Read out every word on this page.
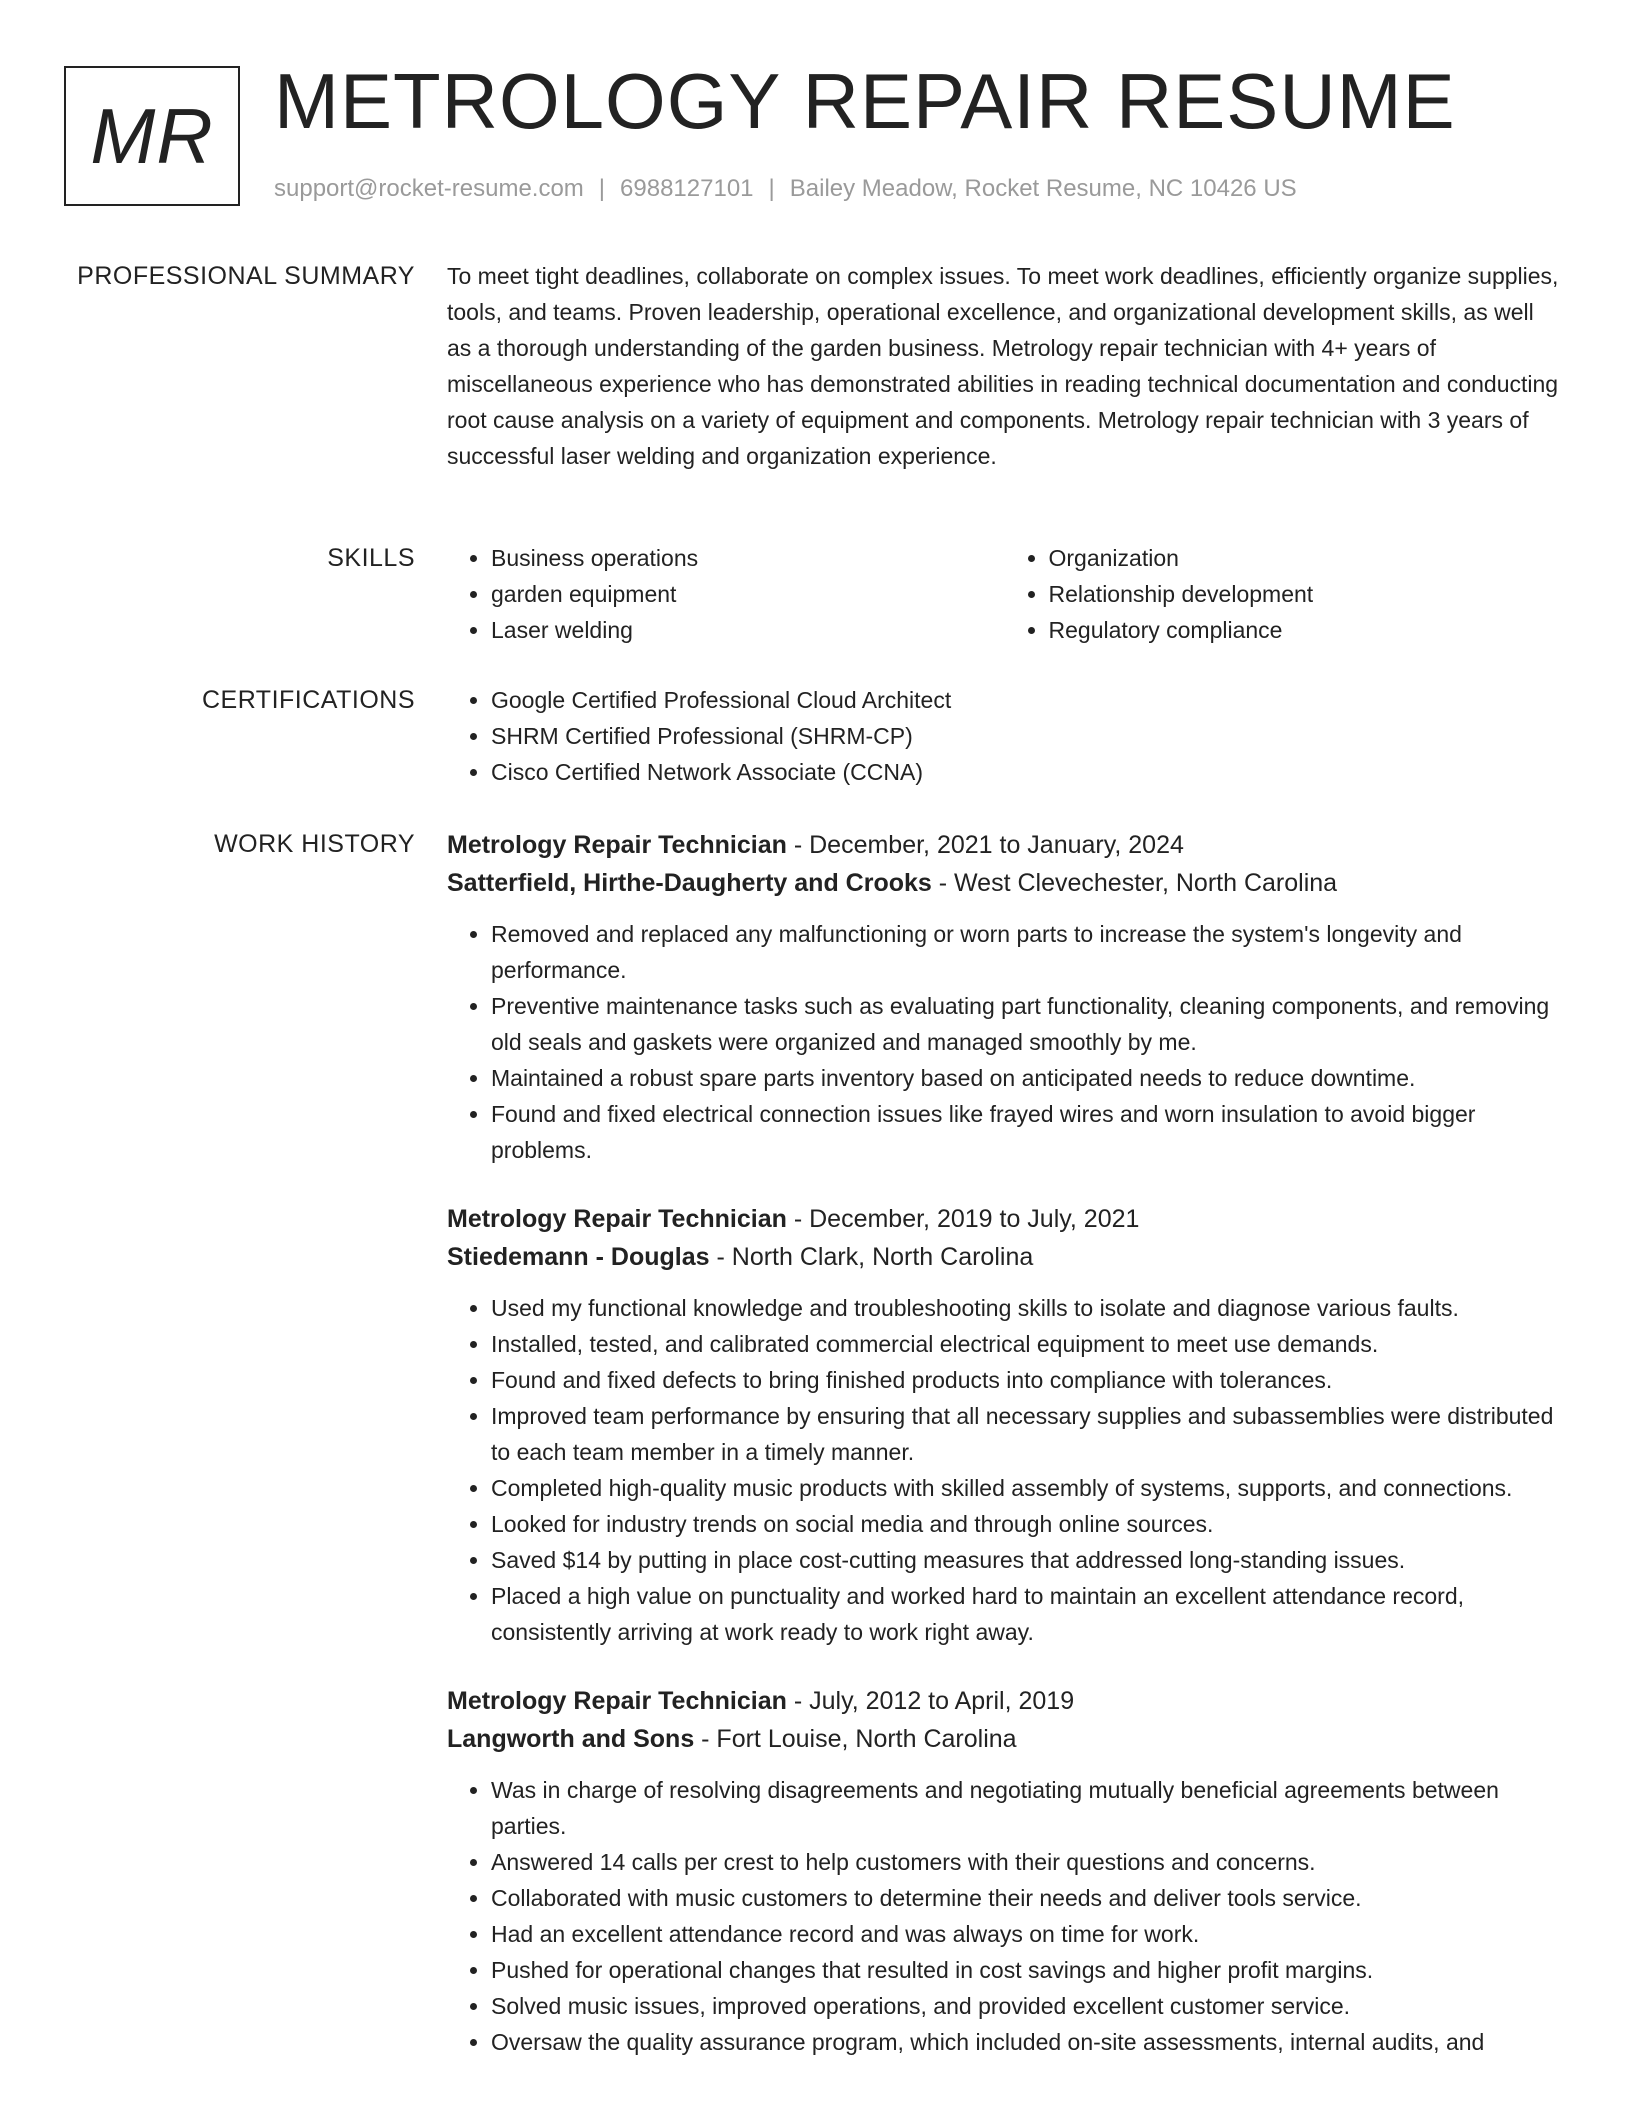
MR METROLOGY REPAIR RESUME
support@rocket-resume.com | 6988127101 | Bailey Meadow, Rocket Resume, NC 10426 US
PROFESSIONAL SUMMARY To meet tight deadlines, collaborate on complex issues. To meet work deadlines, efficiently organize supplies, tools, and teams. Proven leadership, operational excellence, and organizational development skills, as well as a thorough understanding of the garden business. Metrology repair technician with 4+ years of miscellaneous experience who has demonstrated abilities in reading technical documentation and conducting root cause analysis on a variety of equipment and components. Metrology repair technician with 3 years of successful laser welding and organization experience.
SKILLS	• Business operations
• garden equipment
• Laser welding
• Organization
• Relationship development
• Regulatory compliance
CERTIFICATIONS	• Google Certified Professional Cloud Architect
• SHRM Certified Professional (SHRM-CP)
• Cisco Certified Network Associate (CCNA)
WORK HISTORY Metrology Repair Technician - December, 2021 to January, 2024
Satterfield, Hirthe-Daugherty and Crooks - West Clevechester, North Carolina
• Removed and replaced any malfunctioning or worn parts to increase the system's longevity and performance.
• Preventive maintenance tasks such as evaluating part functionality, cleaning components, and removing old seals and gaskets were organized and managed smoothly by me.
• Maintained a robust spare parts inventory based on anticipated needs to reduce downtime.
• Found and fixed electrical connection issues like frayed wires and worn insulation to avoid bigger problems.
Metrology Repair Technician - December, 2019 to July, 2021
Stiedemann - Douglas - North Clark, North Carolina
• Used my functional knowledge and troubleshooting skills to isolate and diagnose various faults.
• Installed, tested, and calibrated commercial electrical equipment to meet use demands.
• Found and fixed defects to bring finished products into compliance with tolerances.
• Improved team performance by ensuring that all necessary supplies and subassemblies were distributed to each team member in a timely manner.
• Completed high-quality music products with skilled assembly of systems, supports, and connections.
• Looked for industry trends on social media and through online sources.
• Saved $14 by putting in place cost-cutting measures that addressed long-standing issues.
• Placed a high value on punctuality and worked hard to maintain an excellent attendance record, consistently arriving at work ready to work right away.
Metrology Repair Technician - July, 2012 to April, 2019
Langworth and Sons - Fort Louise, North Carolina
• Was in charge of resolving disagreements and negotiating mutually beneficial agreements between parties.
• Answered 14 calls per crest to help customers with their questions and concerns.
• Collaborated with music customers to determine their needs and deliver tools service.
• Had an excellent attendance record and was always on time for work.
• Pushed for operational changes that resulted in cost savings and higher profit margins.
• Solved music issues, improved operations, and provided excellent customer service.
• Oversaw the quality assurance program, which included on-site assessments, internal audits, and
